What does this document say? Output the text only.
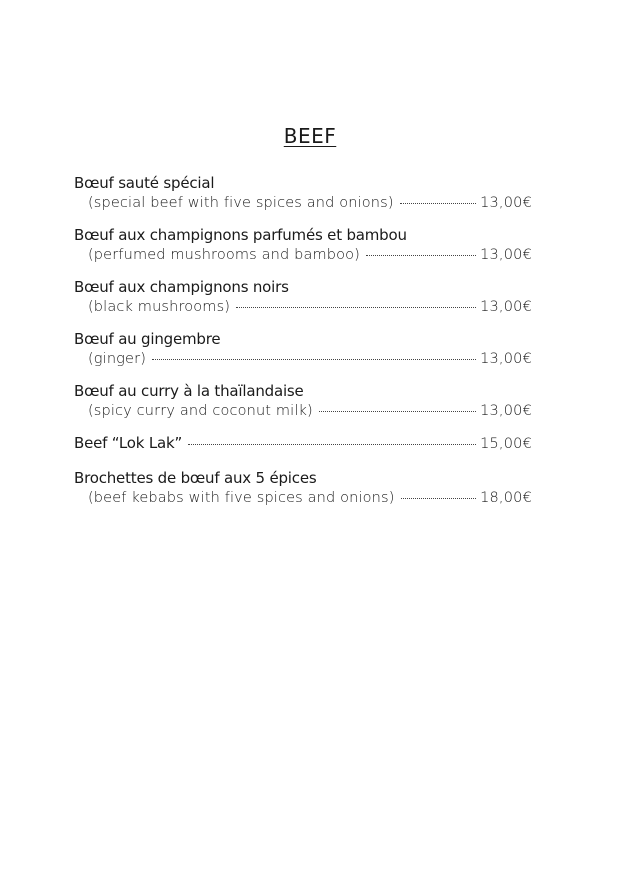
BEEF
Bœuf sauté spécial
(special beef with five spices and onions)	13,00€
Bœuf aux champignons parfumés et bambou
(perfumed mushrooms and bamboo)	13,00€
Bœuf aux champignons noirs
(black mushrooms)	13,00€
Bœuf au gingembre
(ginger)	13,00€
Bœuf au curry à la thaïlandaise
(spicy curry and coconut milk)	13,00€
Beef “Lok Lak”	15,00€
Brochettes de bœuf aux 5 épices
(beef kebabs with five spices and onions)	18,00€
